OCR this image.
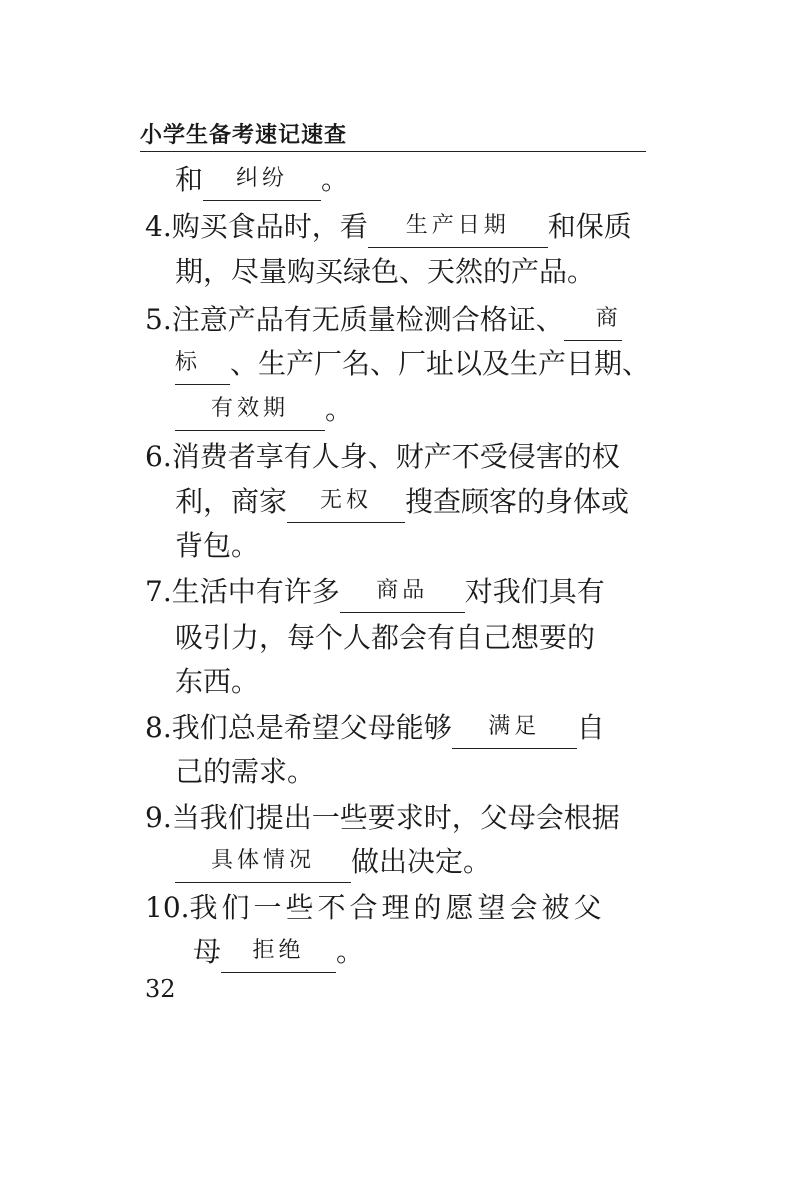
小学生备考速记速查
和 纠纷 。
4.购买食品时，看 生产日期 和保质
期，尽量购买绿色、天然的产品。
5.注意产品有无质量检测合格证、 商
标 、生产厂名、厂址以及生产日期、
有效期 。
6.消费者享有人身、财产不受侵害的权
利，商家 无权 搜查顾客的身体或
背包。
7.生活中有许多 商品 对我们具有
吸引力，每个人都会有自己想要的
东西。
8.我们总是希望父母能够 满足 自
己的需求。
9.当我们提出一些要求时，父母会根据
具体情况 做出决定。
10.我们一些不合理的愿望会被父
母 拒绝 。
32
